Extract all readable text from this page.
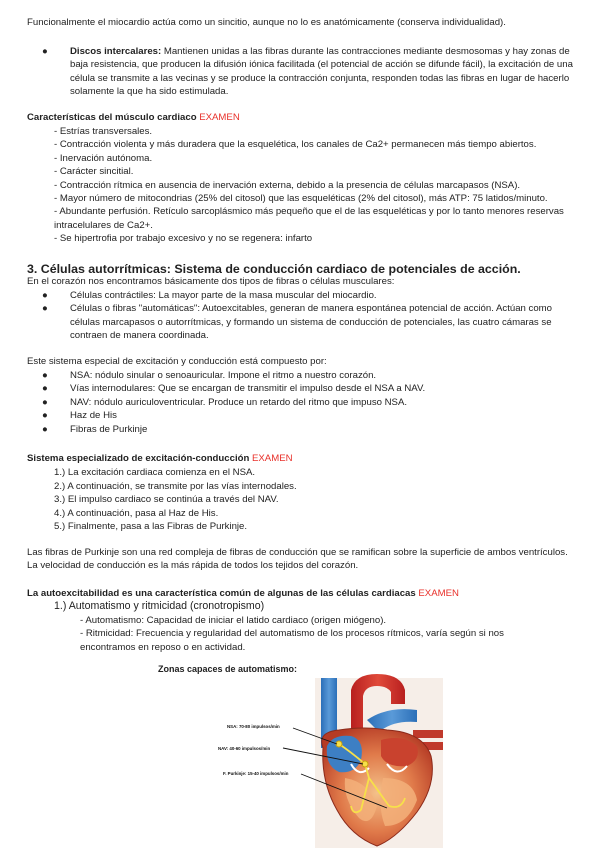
Funcionalmente el miocardio actúa como un sincitio, aunque no lo es anatómicamente (conserva individualidad).

● Discos intercalares: Mantienen unidas a las fibras durante las contracciones mediante desmosomas y hay zonas de baja resistencia, que producen la difusión iónica facilitada (el potencial de acción se difunde fácil), la excitación de una célula se transmite a las vecinas y se produce la contracción conjunta, responden todas las fibras en lugar de hacerlo solamente la que ha sido estimulada.

Características del músculo cardiaco EXAMEN

- Estrías transversales.
- Contracción violenta y más duradera que la esquelética, los canales de Ca2+ permanecen más tiempo abiertos.
- Inervación autónoma.
- Carácter sincitial.
- Contracción rítmica en ausencia de inervación externa, debido a la presencia de células marcapasos (NSA).
- Mayor número de mitocondrias (25% del citosol) que las esqueléticas (2% del citosol), más ATP: 75 latidos/minuto.
- Abundante perfusión. Retículo sarcoplásmico más pequeño que el de las esqueléticas y por lo tanto menores reservas intracelulares de Ca2+.
- Se hipertrofia por trabajo excesivo y no se regenera: infarto

3. Células autorrítmicas: Sistema de conducción cardiaco de potenciales de acción.

En el corazón nos encontramos básicamente dos tipos de fibras o células musculares:

● Células contráctiles: La mayor parte de la masa muscular del miocardio.
● Células o fibras "automáticas": Autoexcitables, generan de manera espontánea potencial de acción. Actúan como células marcapasos o autorrítmicas, y formando un sistema de conducción de potenciales, las cuatro cámaras se contraen de manera coordinada.

Este sistema especial de excitación y conducción está compuesto por:

● NSA: nódulo sinular o senoauricular. Impone el ritmo a nuestro corazón.
● Vías internodulares: Que se encargan de transmitir el impulso desde el NSA a NAV.
● NAV: nódulo auriculoventricular. Produce un retardo del ritmo que impuso NSA.
● Haz de His
● Fibras de Purkinje

Sistema especializado de excitación-conducción EXAMEN

1.) La excitación cardiaca comienza en el NSA.
2.) A continuación, se transmite por las vías internodales.
3.) El impulso cardiaco se continúa a través del NAV.
4.) A continuación, pasa al Haz de His.
5.) Finalmente, pasa a las Fibras de Purkinje.

Las fibras de Purkinje son una red compleja de fibras de conducción que se ramifican sobre la superficie de ambos ventrículos. La velocidad de conducción es la más rápida de todos los tejidos del corazón.

La autoexcitabilidad es una característica común de algunas de las células cardiacas EXAMEN

1.) Automatismo y ritmicidad (cronotropismo)

- Automatismo: Capacidad de iniciar el latido cardiaco (origen miógeno).
- Ritmicidad: Frecuencia y regularidad del automatismo de los procesos rítmicos, varía según si nos encontramos en reposo o en actividad.
Zonas capaces de automatismo:
NSA: 70-80 impulsos/min
NAV: 40-60 impulsos/min
F. Purkinje: 15-40 impulsos/min
